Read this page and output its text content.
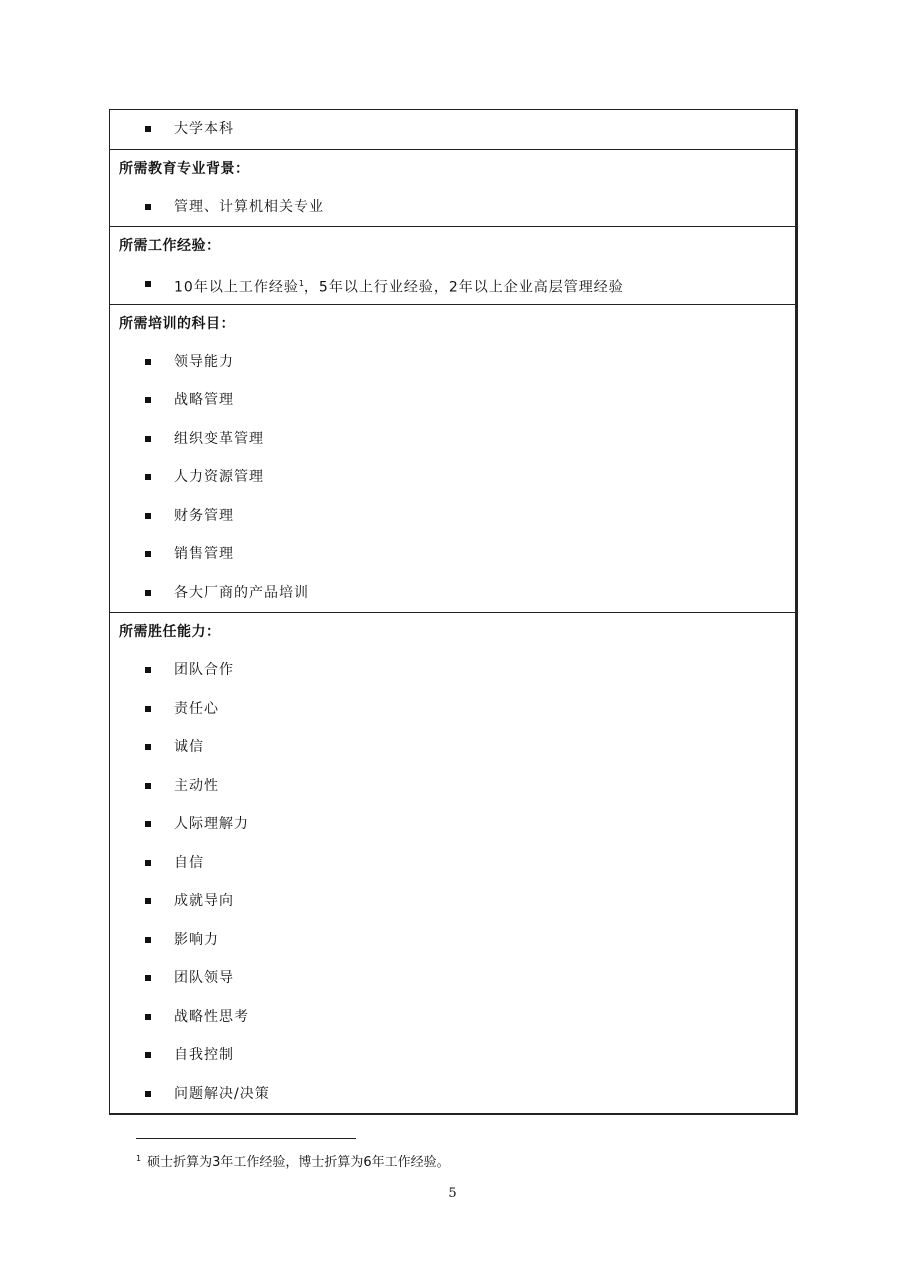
大学本科
所需教育专业背景：
管理、计算机相关专业
所需工作经验：
10年以上工作经验$^1$，5年以上行业经验，2年以上企业高层管理经验
所需培训的科目：
领导能力
战略管理
组织变革管理
人力资源管理
财务管理
销售管理
各大厂商的产品培训
所需胜任能力：
团队合作
责任心
诚信
主动性
人际理解力
自信
成就导向
影响力
团队领导
战略性思考
自我控制
问题解决/决策
$^1$ 硕士折算为3年工作经验，博士折算为6年工作经验。
5
